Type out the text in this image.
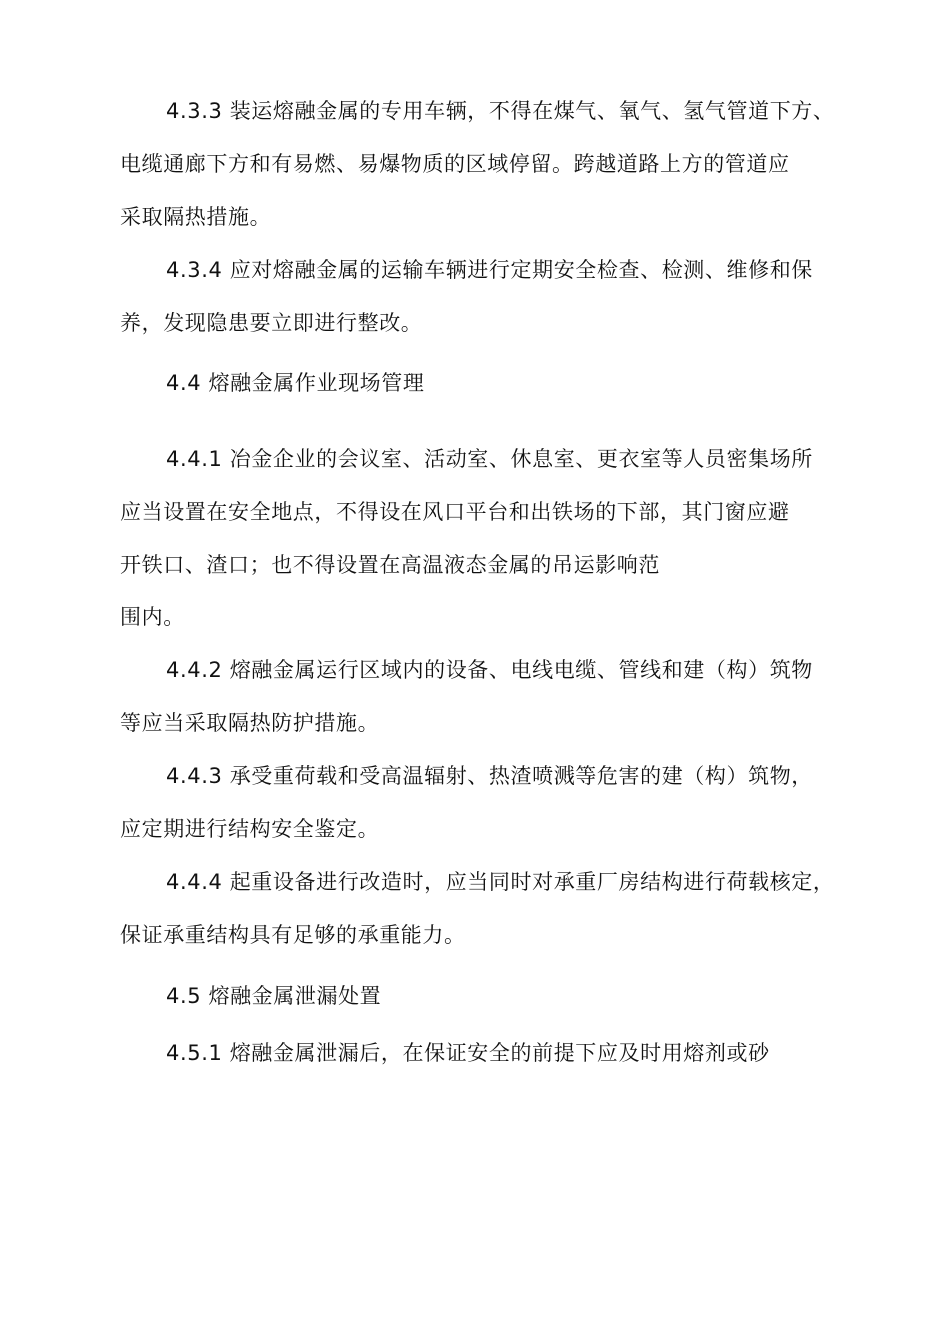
4.3.3 装运熔融金属的专用车辆，不得在煤气、氧气、氢气管道下方、
电缆通廊下方和有易燃、易爆物质的区域停留。跨越道路上方的管道应
采取隔热措施。
4.3.4 应对熔融金属的运输车辆进行定期安全检查、检测、维修和保
养，发现隐患要立即进行整改。
4.4 熔融金属作业现场管理
4.4.1 冶金企业的会议室、活动室、休息室、更衣室等人员密集场所
应当设置在安全地点，不得设在风口平台和出铁场的下部，其门窗应避
开铁口、渣口；也不得设置在高温液态金属的吊运影响范
围内。
4.4.2 熔融金属运行区域内的设备、电线电缆、管线和建（构）筑物
等应当采取隔热防护措施。
4.4.3 承受重荷载和受高温辐射、热渣喷溅等危害的建（构）筑物，
应定期进行结构安全鉴定。
4.4.4 起重设备进行改造时，应当同时对承重厂房结构进行荷载核定，
保证承重结构具有足够的承重能力。
4.5 熔融金属泄漏处置
4.5.1 熔融金属泄漏后，在保证安全的前提下应及时用熔剂或砂
